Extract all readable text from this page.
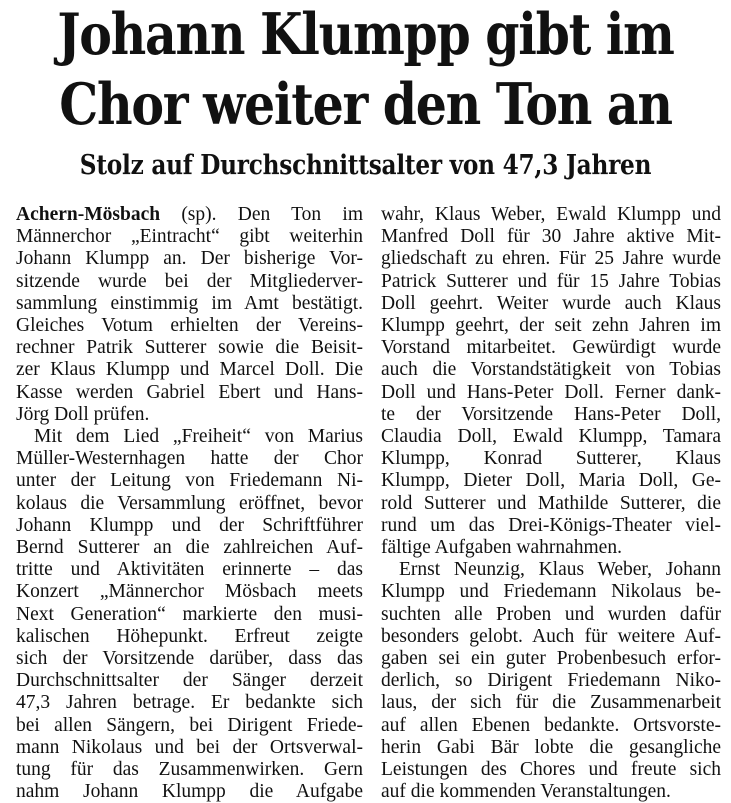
Johann Klumpp gibt im
Chor weiter den Ton an
Stolz auf Durchschnittsalter von 47,3 Jahren
Achern-Mösbach (sp). Den Ton im
Männerchor „Eintracht“ gibt weiterhin
Johann Klumpp an. Der bisherige Vor-
sitzende wurde bei der Mitgliederver-
sammlung einstimmig im Amt bestätigt.
Gleiches Votum erhielten der Vereins-
rechner Patrik Sutterer sowie die Beisit-
zer Klaus Klumpp und Marcel Doll. Die
Kasse werden Gabriel Ebert und Hans-
Jörg Doll prüfen.
Mit dem Lied „Freiheit“ von Marius
Müller-Westernhagen hatte der Chor
unter der Leitung von Friedemann Ni-
kolaus die Versammlung eröffnet, bevor
Johann Klumpp und der Schriftführer
Bernd Sutterer an die zahlreichen Auf-
tritte und Aktivitäten erinnerte – das
Konzert „Männerchor Mösbach meets
Next Generation“ markierte den musi-
kalischen Höhepunkt. Erfreut zeigte
sich der Vorsitzende darüber, dass das
Durchschnittsalter der Sänger derzeit
47,3 Jahren betrage. Er bedankte sich
bei allen Sängern, bei Dirigent Friede-
mann Nikolaus und bei der Ortsverwal-
tung für das Zusammenwirken. Gern
nahm Johann Klumpp die Aufgabe
wahr, Klaus Weber, Ewald Klumpp und
Manfred Doll für 30 Jahre aktive Mit-
gliedschaft zu ehren. Für 25 Jahre wurde
Patrick Sutterer und für 15 Jahre Tobias
Doll geehrt. Weiter wurde auch Klaus
Klumpp geehrt, der seit zehn Jahren im
Vorstand mitarbeitet. Gewürdigt wurde
auch die Vorstandstätigkeit von Tobias
Doll und Hans-Peter Doll. Ferner dank-
te der Vorsitzende Hans-Peter Doll,
Claudia Doll, Ewald Klumpp, Tamara
Klumpp, Konrad Sutterer, Klaus
Klumpp, Dieter Doll, Maria Doll, Ge-
rold Sutterer und Mathilde Sutterer, die
rund um das Drei-Königs-Theater viel-
fältige Aufgaben wahrnahmen.
Ernst Neunzig, Klaus Weber, Johann
Klumpp und Friedemann Nikolaus be-
suchten alle Proben und wurden dafür
besonders gelobt. Auch für weitere Auf-
gaben sei ein guter Probenbesuch erfor-
derlich, so Dirigent Friedemann Niko-
laus, der sich für die Zusammenarbeit
auf allen Ebenen bedankte. Ortsvorste-
herin Gabi Bär lobte die gesangliche
Leistungen des Chores und freute sich
auf die kommenden Veranstaltungen.
